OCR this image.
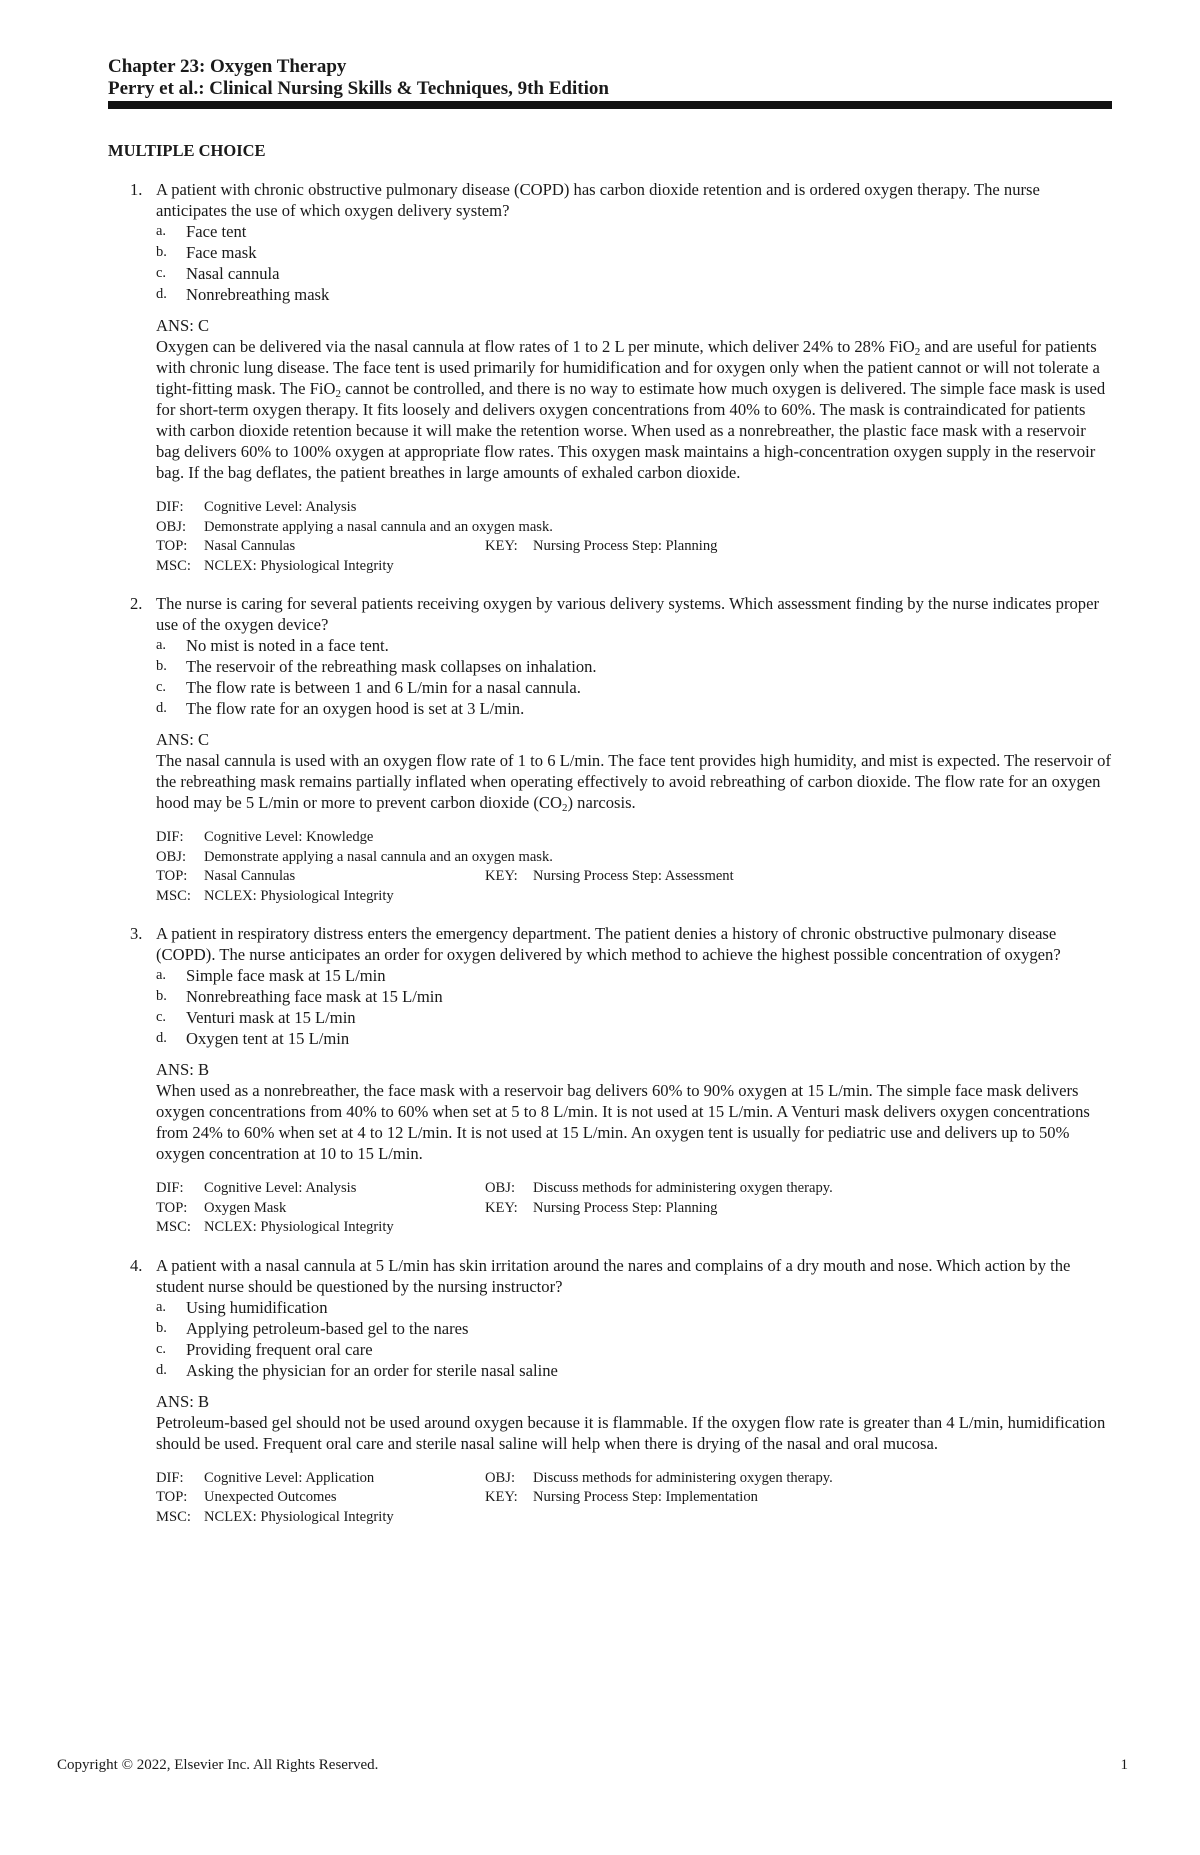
Chapter 23: Oxygen Therapy
Perry et al.: Clinical Nursing Skills & Techniques, 9th Edition
MULTIPLE CHOICE
1. A patient with chronic obstructive pulmonary disease (COPD) has carbon dioxide retention and is ordered oxygen therapy. The nurse anticipates the use of which oxygen delivery system?

a. Face tent
b. Face mask
c. Nasal cannula
d. Nonrebreathing mask
ANS: C
Oxygen can be delivered via the nasal cannula at flow rates of 1 to 2 L per minute, which deliver 24% to 28% FiO$_2$ and are useful for patients with chronic lung disease. The face tent is used primarily for humidification and for oxygen only when the patient cannot or will not tolerate a tight-fitting mask. The FiO$_2$ cannot be controlled, and there is no way to estimate how much oxygen is delivered. The simple face mask is used for short-term oxygen therapy. It fits loosely and delivers oxygen concentrations from 40% to 60%. The mask is contraindicated for patients with carbon dioxide retention because it will make the retention worse. When used as a nonrebreather, the plastic face mask with a reservoir bag delivers 60% to 100% oxygen at appropriate flow rates. This oxygen mask maintains a high-concentration oxygen supply in the reservoir bag. If the bag deflates, the patient breathes in large amounts of exhaled carbon dioxide.
DIF:	Cognitive Level: Analysis
OBJ:	Demonstrate applying a nasal cannula and an oxygen mask.
TOP:	Nasal Cannulas	KEY:	Nursing Process Step: Planning
MSC: NCLEX: Physiological Integrity
2. The nurse is caring for several patients receiving oxygen by various delivery systems. Which assessment finding by the nurse indicates proper use of the oxygen device?

a. No mist is noted in a face tent.
b. The reservoir of the rebreathing mask collapses on inhalation.
c. The flow rate is between 1 and 6 L/min for a nasal cannula.
d. The flow rate for an oxygen hood is set at 3 L/min.
ANS: C
The nasal cannula is used with an oxygen flow rate of 1 to 6 L/min. The face tent provides high humidity, and mist is expected. The reservoir of the rebreathing mask remains partially inflated when operating effectively to avoid rebreathing of carbon dioxide. The flow rate for an oxygen hood may be 5 L/min or more to prevent carbon dioxide $(CO_2)$ narcosis.
DIF:	Cognitive Level: Knowledge
OBJ:	Demonstrate applying a nasal cannula and an oxygen mask.
TOP:	Nasal Cannulas	KEY:	Nursing Process Step: Assessment
MSC: NCLEX: Physiological Integrity
3. A patient in respiratory distress enters the emergency department. The patient denies a history of chronic obstructive pulmonary disease (COPD). The nurse anticipates an order for oxygen delivered by which method to achieve the highest possible concentration of oxygen?

a. Simple face mask at 15 L/min
b. Nonrebreathing face mask at 15 L/min
c. Venturi mask at 15 L/min
d. Oxygen tent at 15 L/min
ANS: B
When used as a nonrebreather, the face mask with a reservoir bag delivers 60% to 90% oxygen at 15 L/min. The simple face mask delivers oxygen concentrations from 40% to 60% when set at 5 to 8 L/min. It is not used at 15 L/min. A Venturi mask delivers oxygen concentrations from 24% to 60% when set at 4 to 12 L/min. It is not used at 15 L/min. An oxygen tent is usually for pediatric use and delivers up to 50% oxygen concentration at 10 to 15 L/min.
DIF:	Cognitive Level: Analysis	OBJ:	Discuss methods for administering oxygen therapy.
TOP:	Oxygen Mask	KEY:	Nursing Process Step: Planning
MSC: NCLEX: Physiological Integrity
4. A patient with a nasal cannula at 5 L/min has skin irritation around the nares and complains of a dry mouth and nose. Which action by the student nurse should be questioned by the nursing instructor?

a. Using humidification
b. Applying petroleum-based gel to the nares
c. Providing frequent oral care
d. Asking the physician for an order for sterile nasal saline
ANS: B
Petroleum-based gel should not be used around oxygen because it is flammable. If the oxygen flow rate is greater than 4 L/min, humidification should be used. Frequent oral care and sterile nasal saline will help when there is drying of the nasal and oral mucosa.
DIF:	Cognitive Level: Application	OBJ:	Discuss methods for administering oxygen therapy.
TOP:	Unexpected Outcomes	KEY:	Nursing Process Step: Implementation
MSC: NCLEX: Physiological Integrity
Copyright © 2022, Elsevier Inc. All Rights Reserved.	1
